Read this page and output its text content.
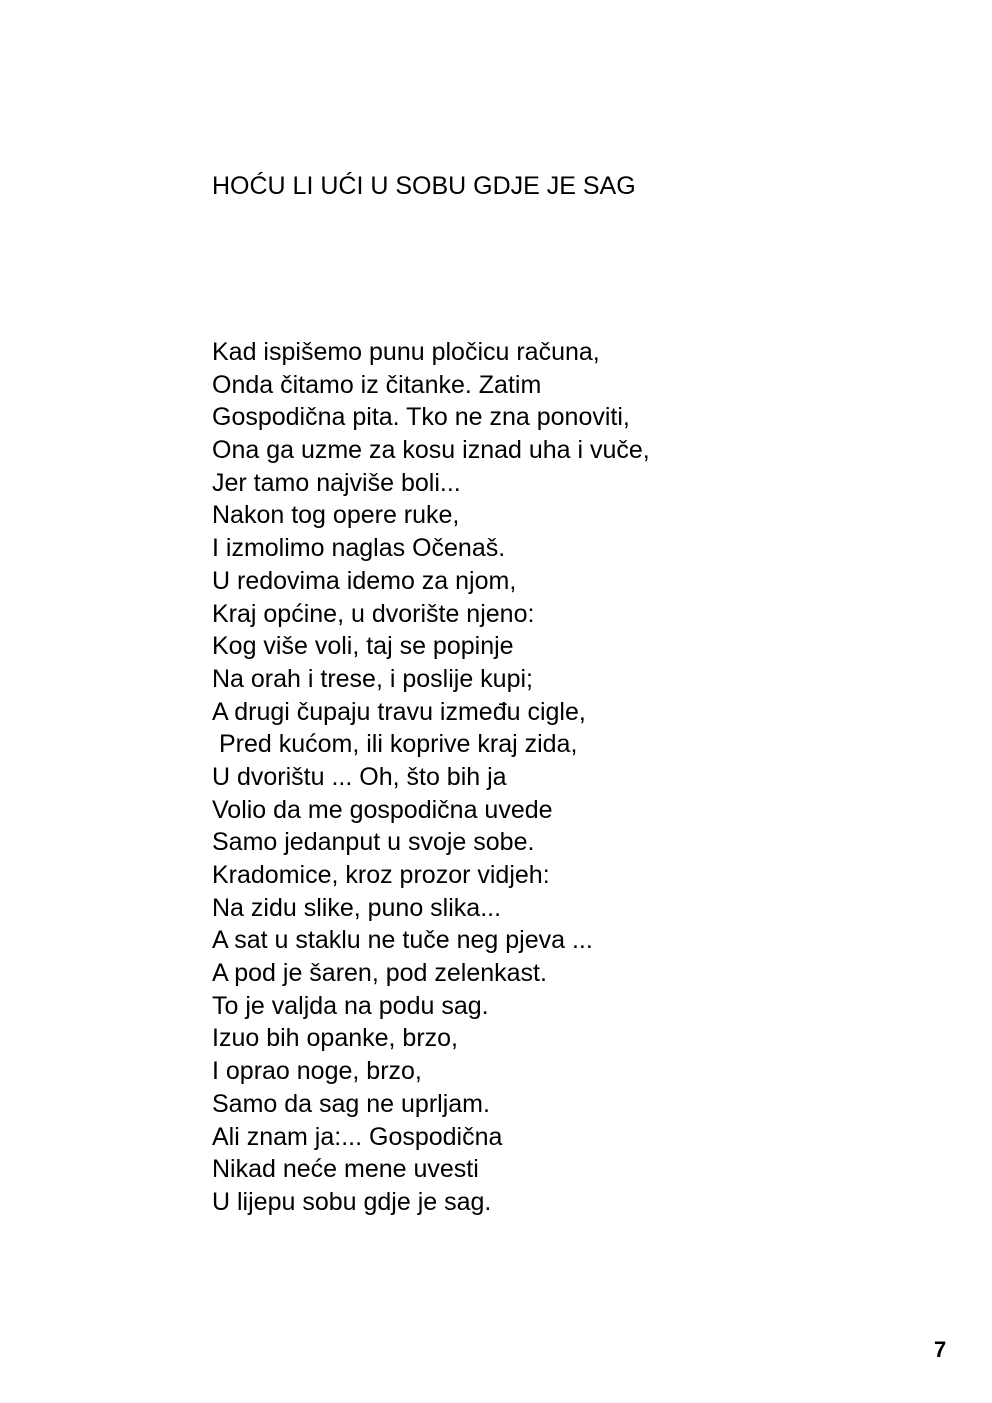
HOĆU LI UĆI U SOBU GDJE JE SAG
Kad ispišemo punu pločicu računa,
Onda čitamo iz čitanke. Zatim
Gospodična pita. Tko ne zna ponoviti,
Ona ga uzme za kosu iznad uha i vuče,
Jer tamo najviše boli...
Nakon tog opere ruke,
I izmolimo naglas Očenaš.
U redovima idemo za njom,
Kraj općine, u dvorište njeno:
Kog više voli, taj se popinje
Na orah i trese, i poslije kupi;
A drugi čupaju travu između cigle,
Pred kućom, ili koprive kraj zida,
U dvorištu ... Oh, što bih ja
Volio da me gospodična uvede
Samo jedanput u svoje sobe.
Kradomice, kroz prozor vidjeh:
Na zidu slike, puno slika...
A sat u staklu ne tuče neg pjeva ...
A pod je šaren, pod zelenkast.
To je valjda na podu sag.
Izuo bih opanke, brzo,
I oprao noge, brzo,
Samo da sag ne uprljam.
Ali znam ja:... Gospodična
Nikad neće mene uvesti
U lijepu sobu gdje je sag.
7
